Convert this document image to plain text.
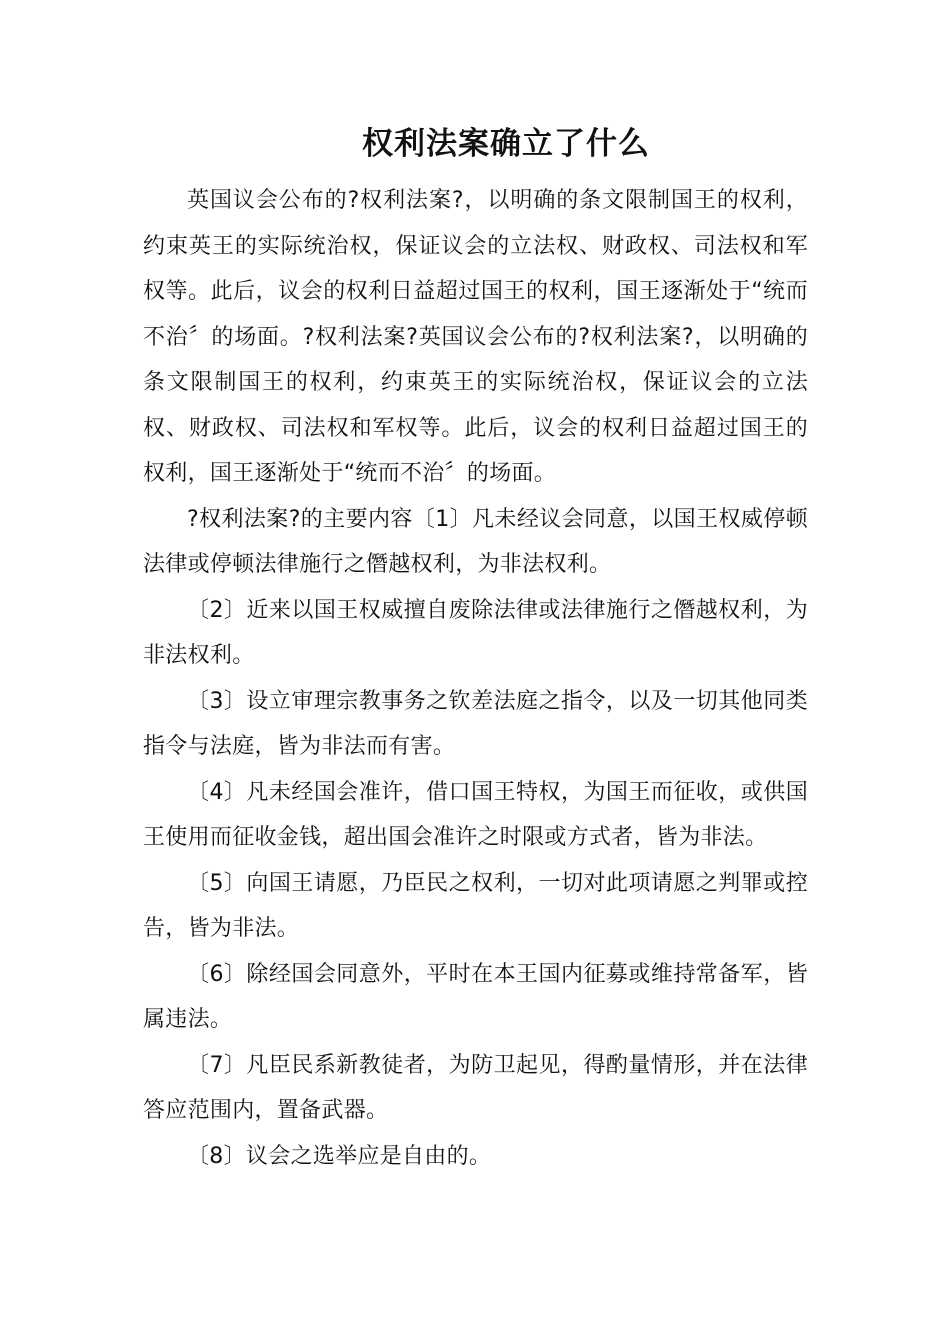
权利法案确立了什么

英国议会公布的?权利法案?，以明确的条文限制国王的权利，约束英王的实际统治权，保证议会的立法权、财政权、司法权和军权等。此后，议会的权利日益超过国王的权利，国王逐渐处于“统而不治〞的场面。?权利法案?英国议会公布的?权利法案?，以明确的条文限制国王的权利，约束英王的实际统治权，保证议会的立法权、财政权、司法权和军权等。此后，议会的权利日益超过国王的权利，国王逐渐处于“统而不治〞的场面。

?权利法案?的主要内容〔1〕凡未经议会同意，以国王权威停顿法律或停顿法律施行之僭越权利，为非法权利。

〔2〕近来以国王权威擅自废除法律或法律施行之僭越权利，为非法权利。

〔3〕设立审理宗教事务之钦差法庭之指令，以及一切其他同类指令与法庭，皆为非法而有害。

〔4〕凡未经国会准许，借口国王特权，为国王而征收，或供国王使用而征收金钱，超出国会准许之时限或方式者，皆为非法。

〔5〕向国王请愿，乃臣民之权利，一切对此项请愿之判罪或控告，皆为非法。

〔6〕除经国会同意外，平时在本王国内征募或维持常备军，皆属违法。

〔7〕凡臣民系新教徒者，为防卫起见，得酌量情形，并在法律答应范围内，置备武器。

〔8〕议会之选举应是自由的。
